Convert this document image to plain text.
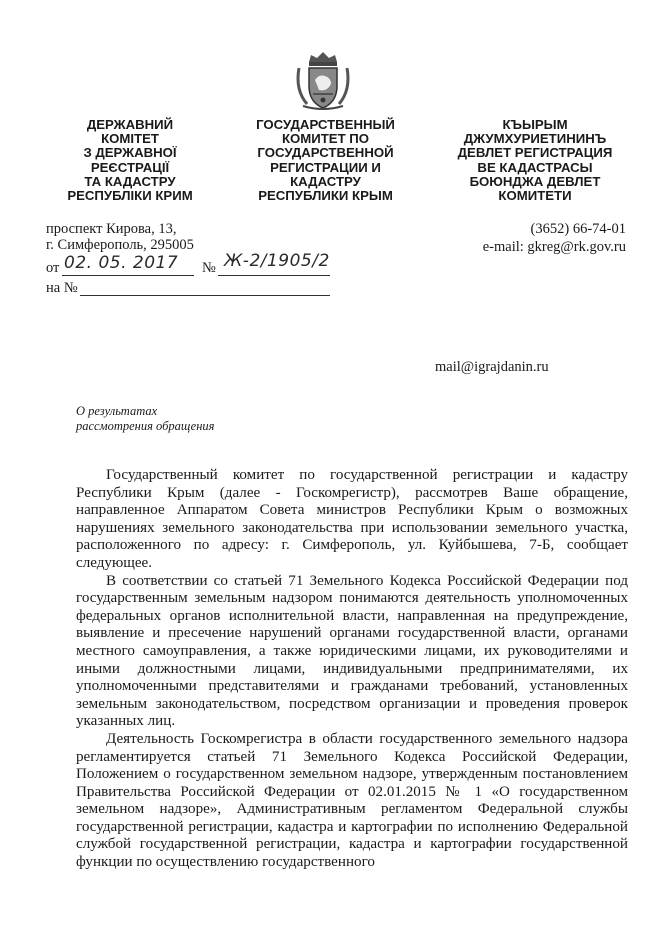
ДЕРЖАВНИЙ
КОМІТЕТ
З ДЕРЖАВНОЇ
РЕЄСТРАЦІЇ
ТА КАДАСТРУ
РЕСПУБЛІКИ КРИМ
ГОСУДАРСТВЕННЫЙ
КОМИТЕТ ПО
ГОСУДАРСТВЕННОЙ
РЕГИСТРАЦИИ И
КАДАСТРУ
РЕСПУБЛИКИ КРЫМ
КЪЫРЫМ
ДЖУМХУРИЕТИНИНЪ
ДЕВЛЕТ РЕГИСТРАЦИЯ
ВЕ КАДАСТРАСЫ
БОЮНДЖА ДЕВЛЕТ
КОМИТЕТИ
проспект Кирова, 13,
г. Симферополь, 295005
(3652) 66-74-01
e-mail: gkreg@rk.gov.ru
от 02. 05. 2017 № Ж-2/1905/2
на №
mail@igrajdanin.ru
О результатах
рассмотрения обращения

Государственный комитет по государственной регистрации и кадастру Республики Крым (далее - Госкомрегистр), рассмотрев Ваше обращение, направленное Аппаратом Совета министров Республики Крым о возможных нарушениях земельного законодательства при использовании земельного участка, расположенного по адресу: г. Симферополь, ул. Куйбышева, 7-Б, сообщает следующее.

В соответствии со статьей 71 Земельного Кодекса Российской Федерации под государственным земельным надзором понимаются деятельность уполномоченных федеральных органов исполнительной власти, направленная на предупреждение, выявление и пресечение нарушений органами государственной власти, органами местного самоуправления, а также юридическими лицами, их руководителями и иными должностными лицами, индивидуальными предпринимателями, их уполномоченными представителями и гражданами требований, установленных земельным законодательством, посредством организации и проведения проверок указанных лиц.

Деятельность Госкомрегистра в области государственного земельного надзора регламентируется статьей 71 Земельного Кодекса Российской Федерации, Положением о государственном земельном надзоре, утвержденным постановлением Правительства Российской Федерации от 02.01.2015 № 1 «О государственном земельном надзоре», Административным регламентом Федеральной службы государственной регистрации, кадастра и картографии по исполнению Федеральной службой государственной регистрации, кадастра и картографии государственной функции по осуществлению государственного
